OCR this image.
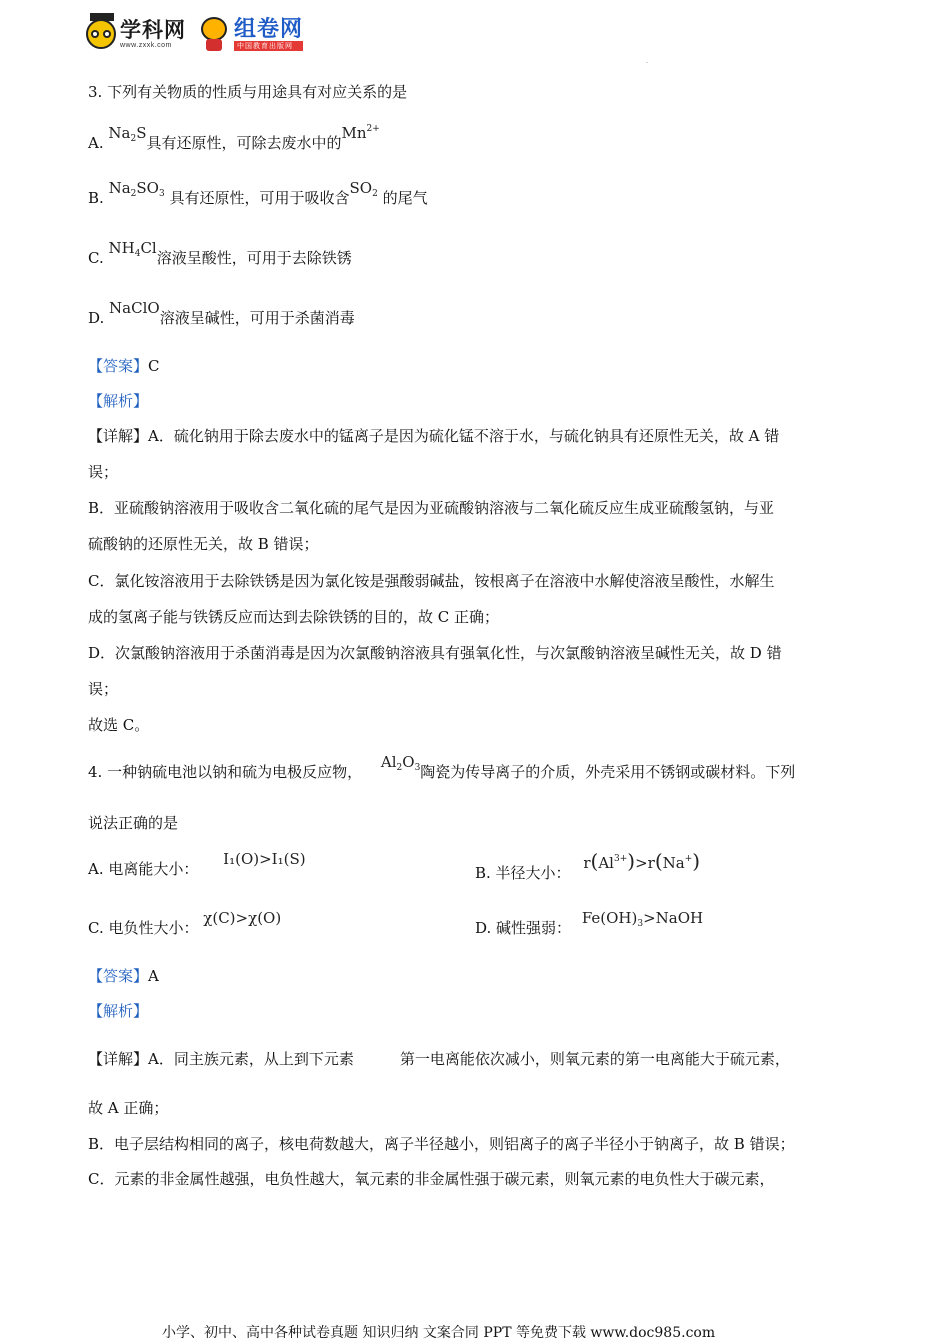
学科网
www.zxxk.com
组卷网
中国教育出版网
·
3. 下列有关物质的性质与用途具有对应关系的是
A. $Na_2S$具有还原性，可除去废水中的$Mn^{2+}$
B. $Na_2SO_3$ 具有还原性，可用于吸收含$SO_2$ 的尾气
C. $NH_4Cl$溶液呈酸性，可用于去除铁锈
D. NaClO溶液呈碱性，可用于杀菌消毒
【答案】C
【解析】
【详解】A．硫化钠用于除去废水中的锰离子是因为硫化锰不溶于水，与硫化钠具有还原性无关，故 A 错
误；
B．亚硫酸钠溶液用于吸收含二氧化硫的尾气是因为亚硫酸钠溶液与二氧化硫反应生成亚硫酸氢钠，与亚
硫酸钠的还原性无关，故 B 错误；
C．氯化铵溶液用于去除铁锈是因为氯化铵是强酸弱碱盐，铵根离子在溶液中水解使溶液呈酸性，水解生
成的氢离子能与铁锈反应而达到去除铁锈的目的，故 C 正确；
D．次氯酸钠溶液用于杀菌消毒是因为次氯酸钠溶液具有强氧化性，与次氯酸钠溶液呈碱性无关，故 D 错
误；
故选 C。
4. 一种钠硫电池以钠和硫为电极反应物， $Al_2O_3$陶瓷为传导离子的介质，外壳采用不锈钢或碳材料。下列
说法正确的是
A. 电离能大小： I₁(O)>I₁(S)
B. 半径大小： $r(Al^{3+})>r(Na^+)$
C. 电负性大小： χ(C)>χ(O)
D. 碱性强弱： $Fe(OH)_3>NaOH$
【答案】A
【解析】
【详解】A．同主族元素，从上到下元素	第一电离能依次减小，则氧元素的第一电离能大于硫元素，
故 A 正确；
B．电子层结构相同的离子，核电荷数越大，离子半径越小，则铝离子的离子半径小于钠离子，故 B 错误；
C．元素的非金属性越强，电负性越大，氧元素的非金属性强于碳元素，则氧元素的电负性大于碳元素，
小学、初中、高中各种试卷真题 知识归纳 文案合同 PPT 等免费下载 www.doc985.com
